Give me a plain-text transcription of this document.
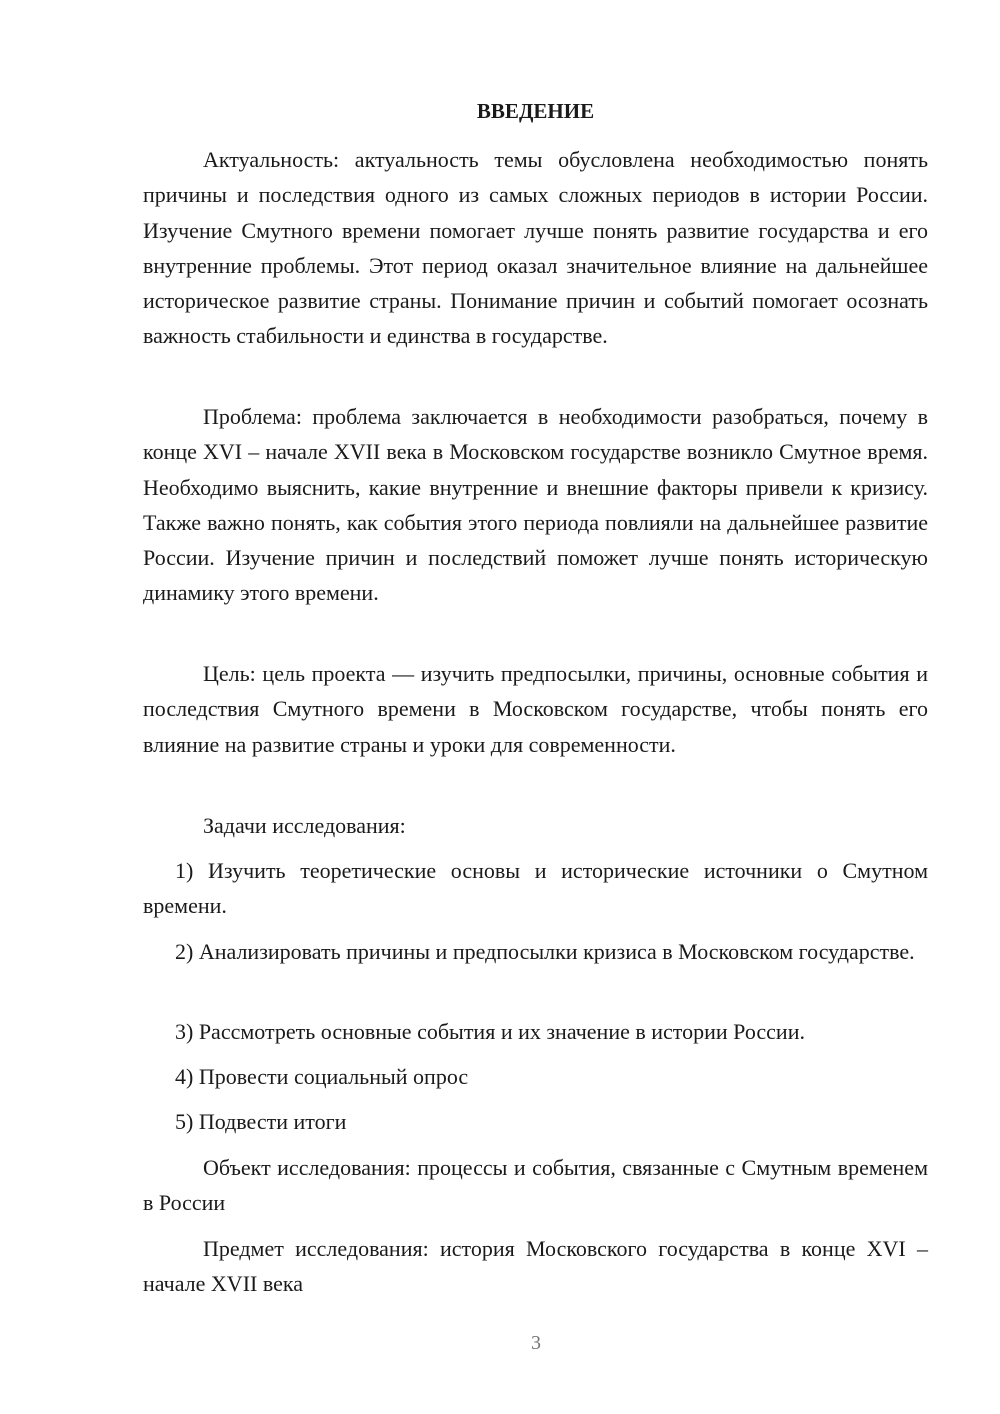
ВВЕДЕНИЕ

Актуальность: актуальность темы обусловлена необходимостью понять причины и последствия одного из самых сложных периодов в истории России. Изучение Смутного времени помогает лучше понять развитие государства и его внутренние проблемы. Этот период оказал значительное влияние на дальнейшее историческое развитие страны. Понимание причин и событий помогает осознать важность стабильности и единства в государстве.

Проблема: проблема заключается в необходимости разобраться, почему в конце XVI – начале XVII века в Московском государстве возникло Смутное время. Необходимо выяснить, какие внутренние и внешние факторы привели к кризису. Также важно понять, как события этого периода повлияли на дальнейшее развитие России. Изучение причин и последствий поможет лучше понять историческую динамику этого времени.

Цель: цель проекта — изучить предпосылки, причины, основные события и последствия Смутного времени в Московском государстве, чтобы понять его влияние на развитие страны и уроки для современности.

Задачи исследования:

1) Изучить теоретические основы и исторические источники о Смутном времени.

2) Анализировать причины и предпосылки кризиса в Московском государстве.

3) Рассмотреть основные события и их значение в истории России.

4) Провести социальный опрос

5) Подвести итоги

Объект исследования: процессы и события, связанные с Смутным временем в России

Предмет исследования: история Московского государства в конце XVI – начале XVII века

3
